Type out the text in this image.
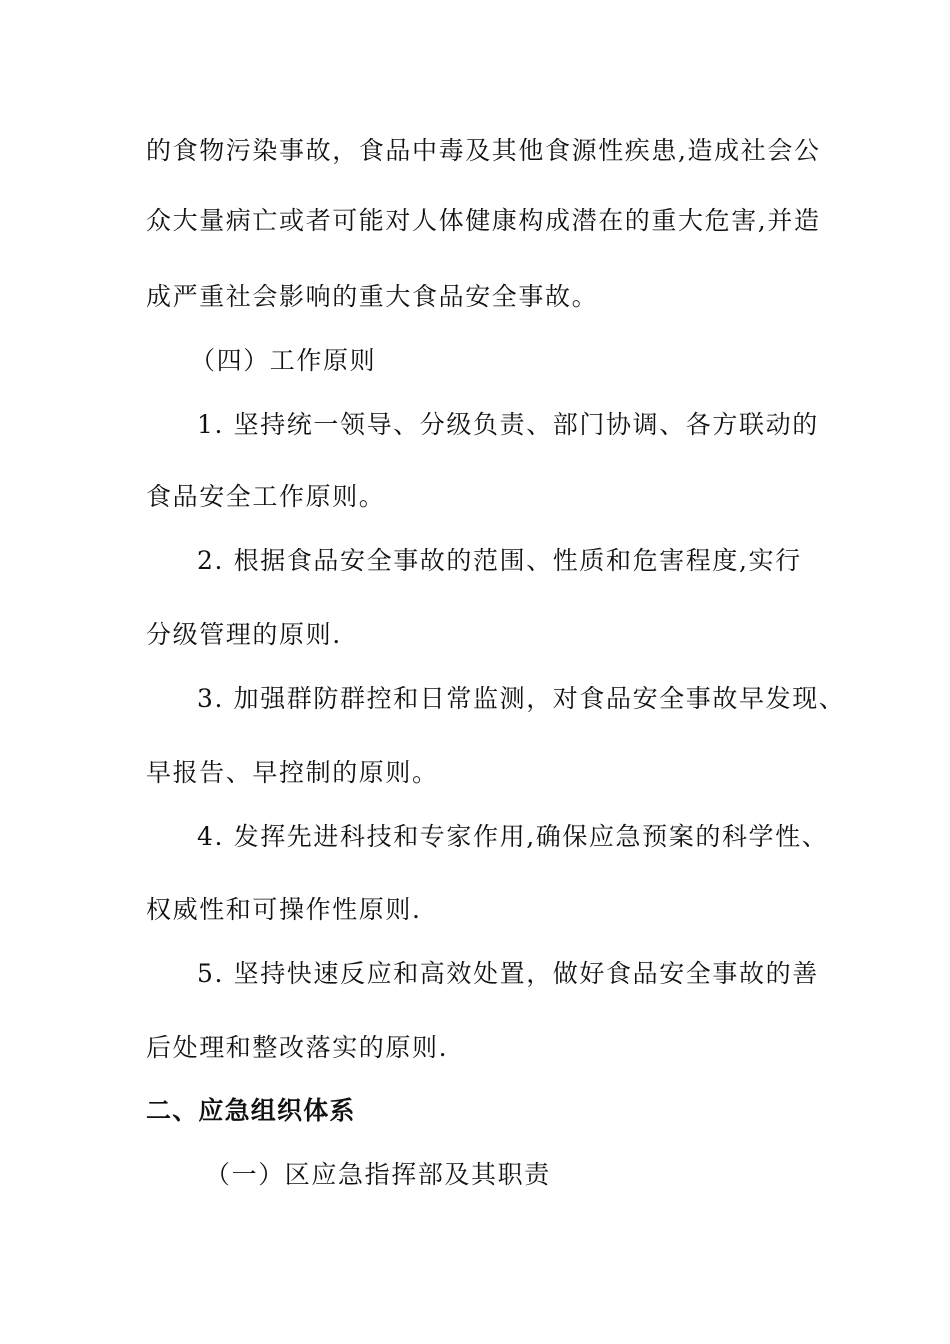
的食物污染事故，食品中毒及其他食源性疾患,造成社会公
众大量病亡或者可能对人体健康构成潜在的重大危害,并造
成严重社会影响的重大食品安全事故。
（四）工作原则
1. 坚持统一领导、分级负责、部门协调、各方联动的
食品安全工作原则。
2. 根据食品安全事故的范围、性质和危害程度,实行
分级管理的原则.
3. 加强群防群控和日常监测，对食品安全事故早发现、
早报告、早控制的原则。
4. 发挥先进科技和专家作用,确保应急预案的科学性、
权威性和可操作性原则.
5. 坚持快速反应和高效处置，做好食品安全事故的善
后处理和整改落实的原则.
二、应急组织体系
（一）区应急指挥部及其职责
